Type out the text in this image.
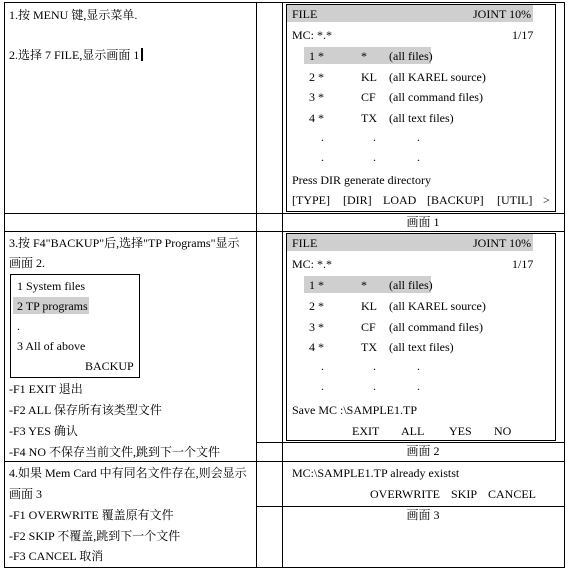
1.按 MENU 键,显示菜单.
2.选择 7 FILE,显示画面 1
FILE	JOINT 10%
MC: *.*	1/17
1 *	* (all files)
2 *	KL (all KAREL source)
3 *	CF (all command files)
4 *	TX (all text files)
.	.	.
.	.	.
Press DIR generate directory
[TYPE] [DIR] LOAD [BACKUP] [UTIL] >
画面 1
3.按 F4"BACKUP"后,选择"TP Programs"显示
画面 2.
1 System files
2 TP programs
.
3 All of above
BACKUP
-F1 EXIT 退出
-F2 ALL 保存所有该类型文件
-F3 YES 确认
-F4 NO 不保存当前文件,跳到下一个文件
FILE	JOINT 10%
MC: *.*	1/17
1 *	* (all files)
2 *	KL (all KAREL source)
3 *	CF (all command files)
4 *	TX (all text files)
.	.	.
.	.	.
Save MC :\SAMPLE1.TP
EXIT ALL YES NO
画面 2
4.如果 Mem Card 中有同名文件存在,则会显示
画面 3
-F1 OVERWRITE 覆盖原有文件
-F2 SKIP 不覆盖,跳到下一个文件
-F3 CANCEL 取消
MC:\SAMPLE1.TP already existst
OVERWRITE SKIP CANCEL
画面 3
